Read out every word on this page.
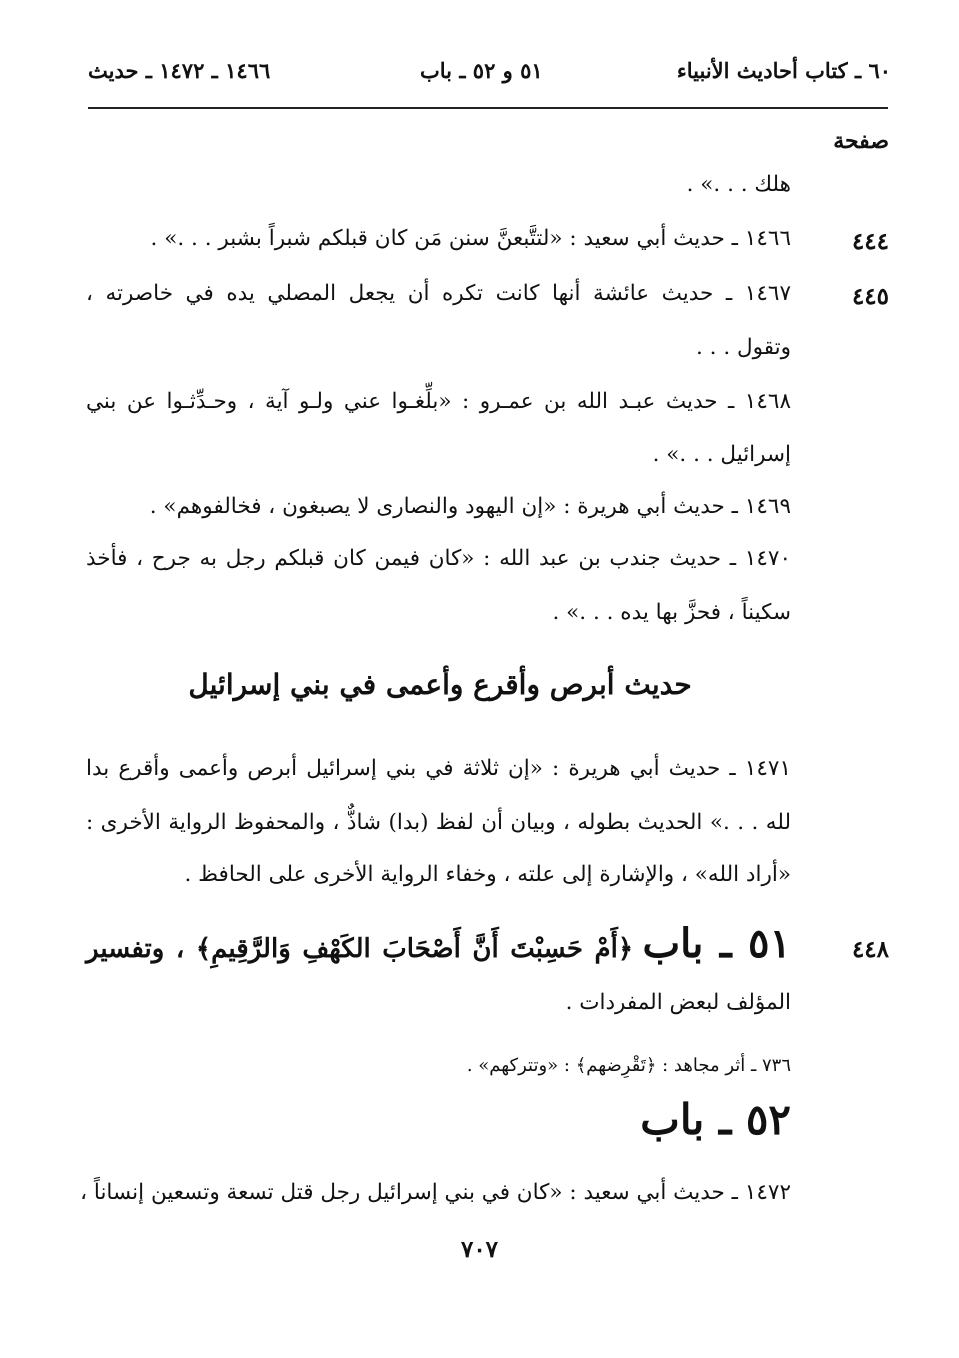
٦٠ ـ كتاب أحاديث الأنبياء
٥١ و ٥٢ ـ باب
١٤٦٦ ـ ١٤٧٢ ـ حديث
صفحة
هلك . . .» .
٤٤٤
١٤٦٦ ـ حديث أبي سعيد : «لتتَّبعنَّ سنن مَن كان قبلكم شبراً بشبر . . .» .
٤٤٥
١٤٦٧ ـ حديث عائشة أنها كانت تكره أن يجعل المصلي يده في خاصرته ،
وتقول . . .
١٤٦٨ ـ حديث عبـد الله بن عمـرو : «بلِّغـوا عني ولـو آية ، وحـدِّثـوا عن بني
إسرائيل . . .» .
١٤٦٩ ـ حديث أبي هريرة : «إن اليهود والنصارى لا يصبغون ، فخالفوهم» .
١٤٧٠ ـ حديث جندب بن عبد الله : «كان فيمن كان قبلكم رجل به جرح ، فأخذ
سكيناً ، فحزَّ بها يده . . .» .
حديث أبرص وأقرع وأعمى في بني إسرائيل
١٤٧١ ـ حديث أبي هريرة : «إن ثلاثة في بني إسرائيل أبرص وأعمى وأقرع بدا
لله . . .» الحديث بطوله ، وبيان أن لفظ (بدا) شاذٌّ ، والمحفوظ الرواية الأخرى :
«أراد الله» ، والإشارة إلى علته ، وخفاء الرواية الأخرى على الحافظ .
٤٤٨
٥١ ـ باب ﴿أَمْ حَسِبْتَ أَنَّ أَصْحَابَ الكَهْفِ وَالرَّقِيمِ﴾ ، وتفسير
المؤلف لبعض المفردات .
٧٣٦ ـ أثر مجاهد : ﴿تَقْرِضهم﴾ : «وتتركهم» .
٥٢ ـ باب
١٤٧٢ ـ حديث أبي سعيد : «كان في بني إسرائيل رجل قتل تسعة وتسعين إنساناً ،
٧٠٧
